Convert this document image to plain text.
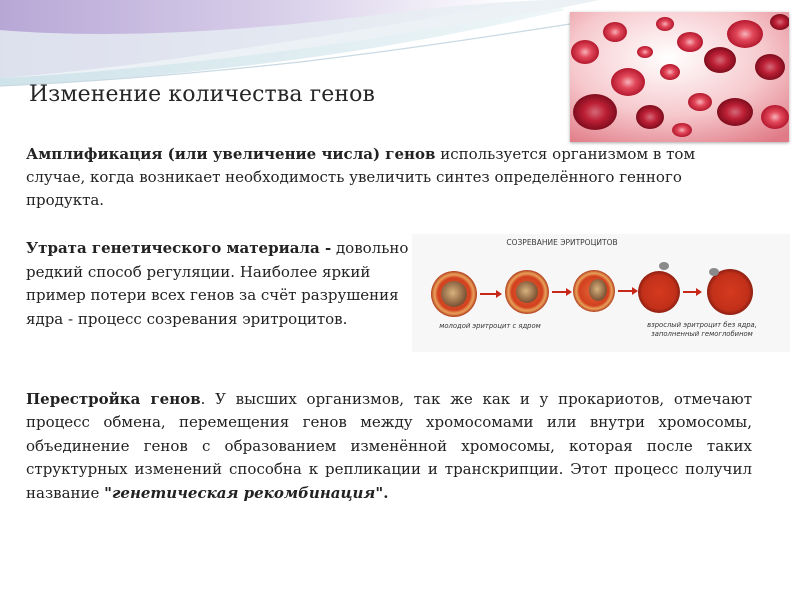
Изменение количества генов
Амплификация (или увеличение числа) генов используется организмом в том случае, когда возникает необходимость увеличить синтез определённого генного продукта.
Утрата генетического материала - довольно редкий способ регуляции. Наиболее яркий пример потери всех генов за счёт разрушения ядра - процесс созревания эритроцитов.
СОЗРЕВАНИЕ ЭРИТРОЦИТОВ
молодой эритроцит с ядром	взрослый эритроцит без ядра,
заполненный гемоглобином
Перестройка генов. У высших организмов, так же как и у прокариотов, отмечают процесс обмена, перемещения генов между хромосомами или внутри хромосомы, объединение генов с образованием изменённой хромосомы, которая после таких структурных изменений способна к репликации и транскрипции. Этот процесс получил название "генетическая рекомбинация".
